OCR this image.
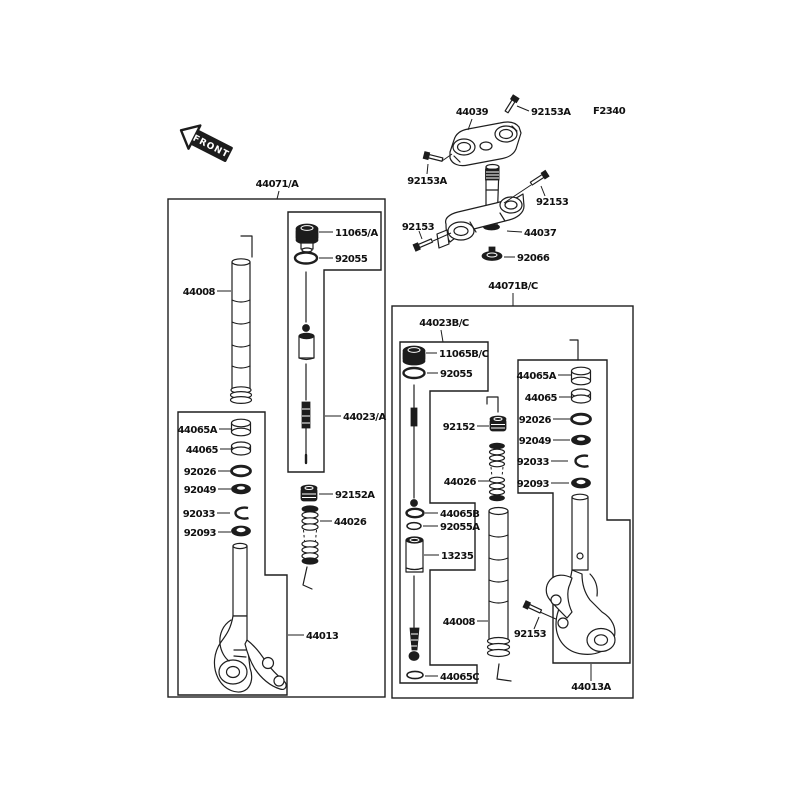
FRONT
44039	92153A
92153A
92153
92153
44037
92066
F2340
44071/A
11065/A
92055
44023/A
44008
44065A
44065
92026
92049
92033
92093
92152A
44026
44013
44071B/C
44023B/C
11065B/C
92055
92152
44026
44065A
44065
92026
92049
92033
92093
44065B
92055A
13235
44065C
44008
92153
44013A
